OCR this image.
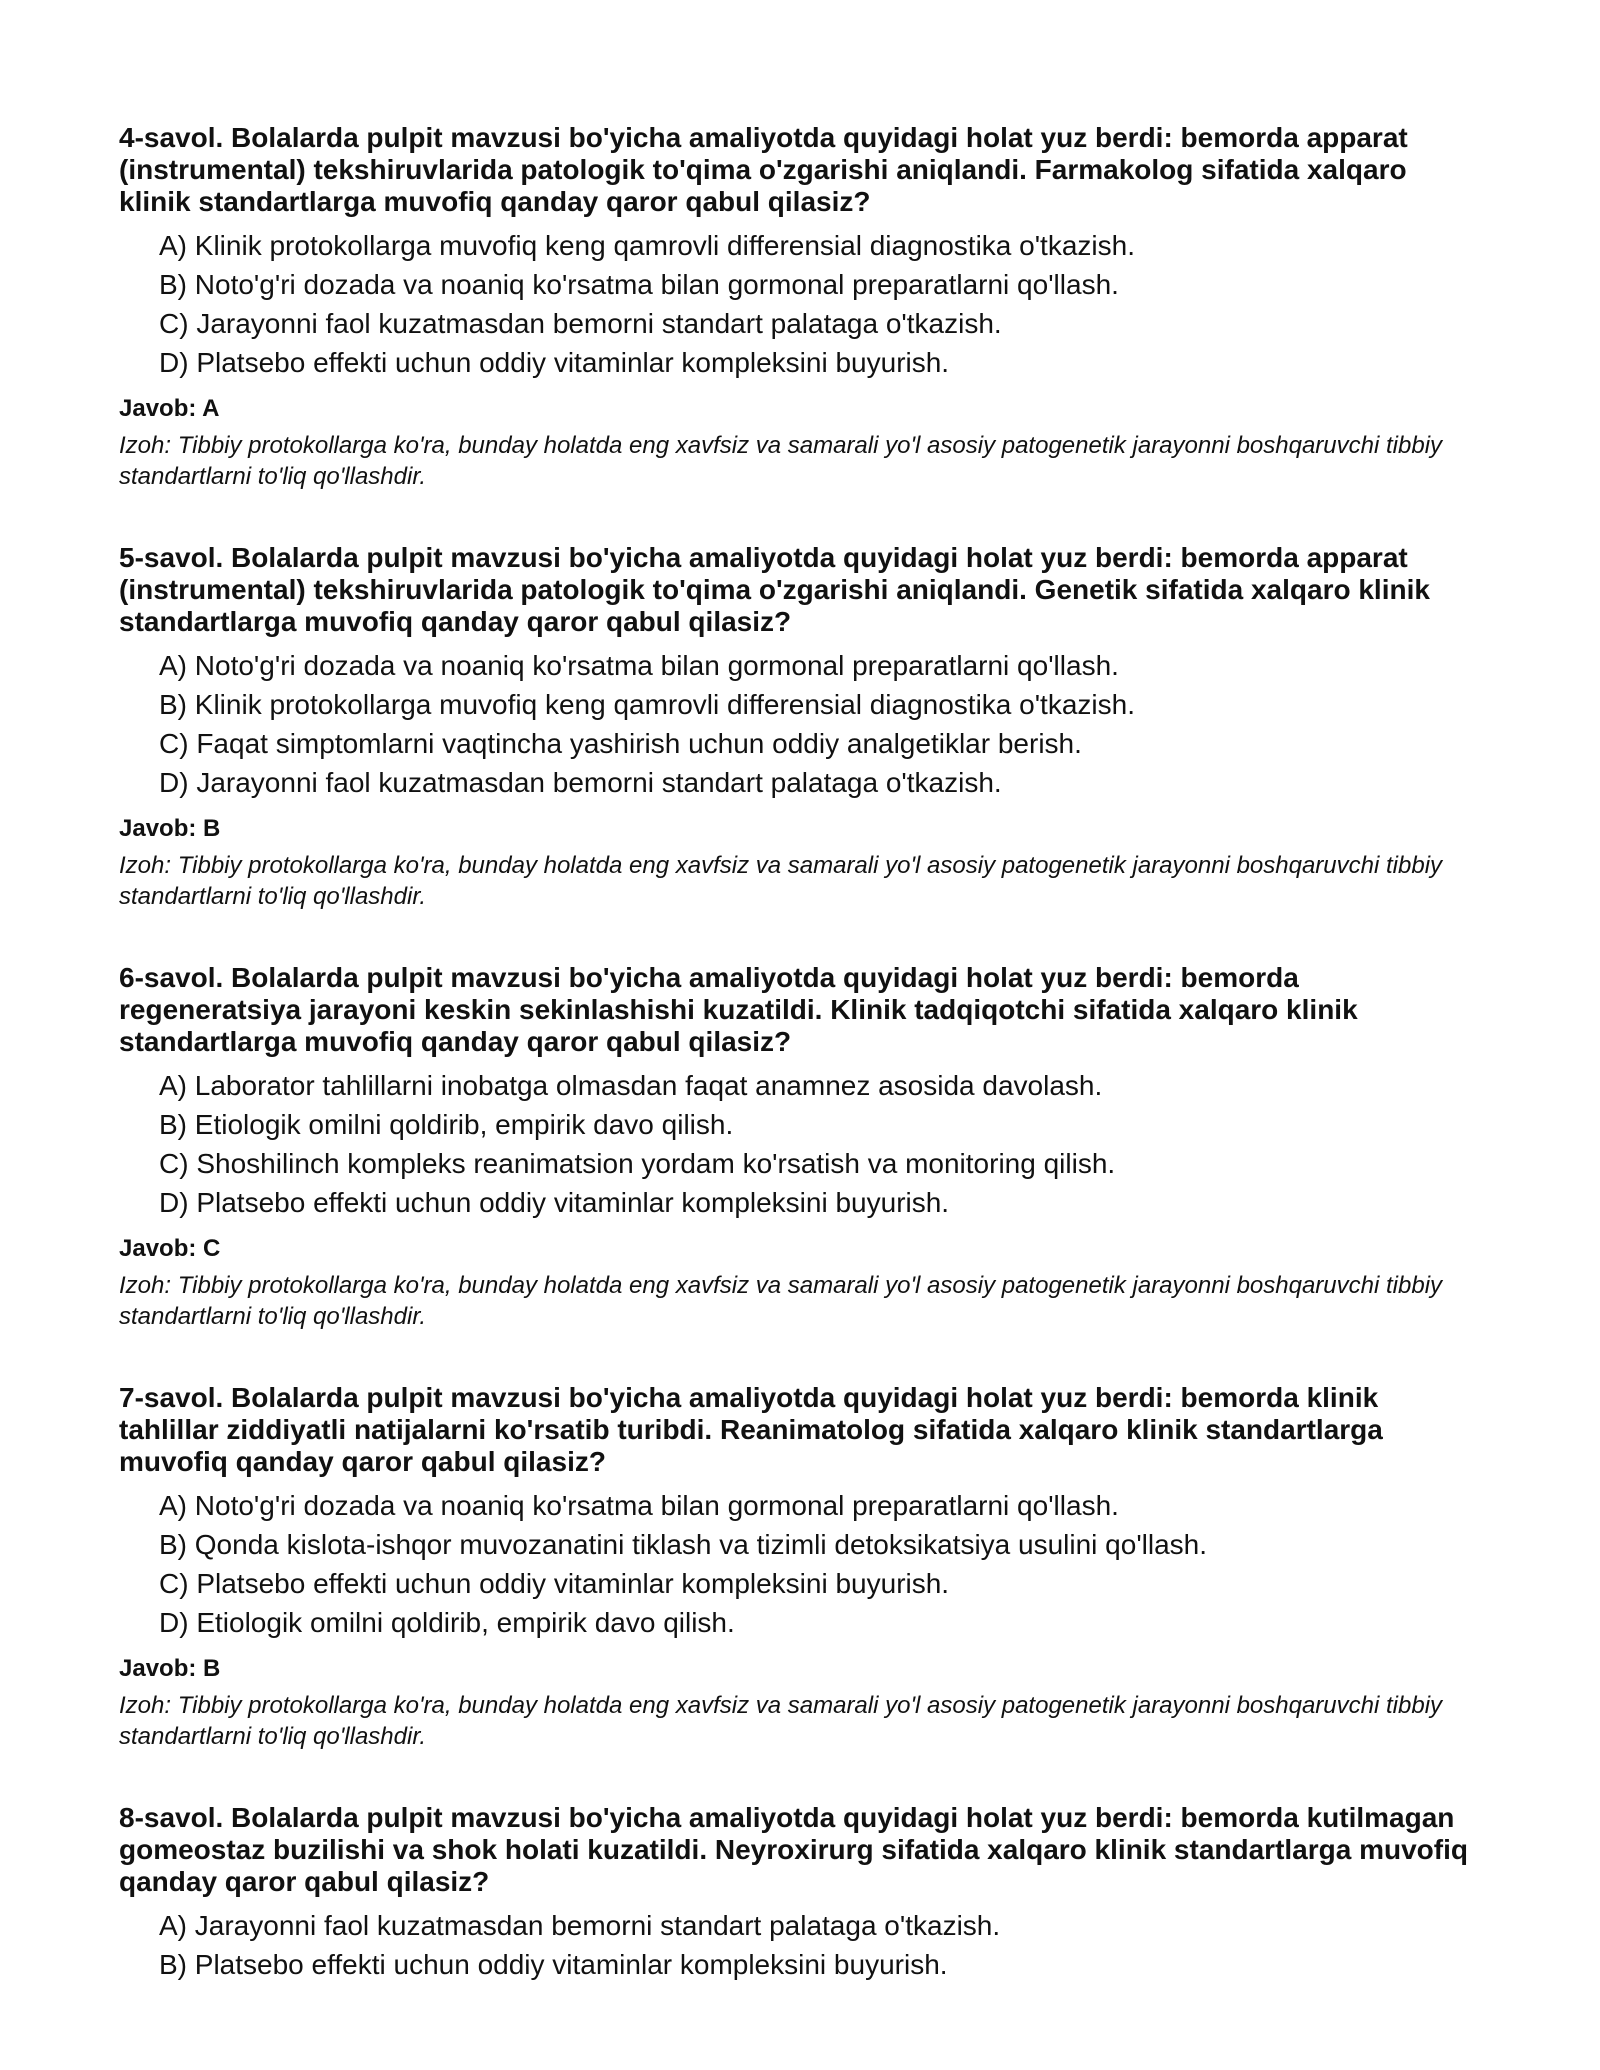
4-savol. Bolalarda pulpit mavzusi bo'yicha amaliyotda quyidagi holat yuz berdi: bemorda apparat (instrumental) tekshiruvlarida patologik to'qima o'zgarishi aniqlandi. Farmakolog sifatida xalqaro klinik standartlarga muvofiq qanday qaror qabul qilasiz?
A) Klinik protokollarga muvofiq keng qamrovli differensial diagnostika o'tkazish.
B) Noto'g'ri dozada va noaniq ko'rsatma bilan gormonal preparatlarni qo'llash.
C) Jarayonni faol kuzatmasdan bemorni standart palataga o'tkazish.
D) Platsebo effekti uchun oddiy vitaminlar kompleksini buyurish.
Javob: A
Izoh: Tibbiy protokollarga ko'ra, bunday holatda eng xavfsiz va samarali yo'l asosiy patogenetik jarayonni boshqaruvchi tibbiy standartlarni to'liq qo'llashdir.
5-savol. Bolalarda pulpit mavzusi bo'yicha amaliyotda quyidagi holat yuz berdi: bemorda apparat (instrumental) tekshiruvlarida patologik to'qima o'zgarishi aniqlandi. Genetik sifatida xalqaro klinik standartlarga muvofiq qanday qaror qabul qilasiz?
A) Noto'g'ri dozada va noaniq ko'rsatma bilan gormonal preparatlarni qo'llash.
B) Klinik protokollarga muvofiq keng qamrovli differensial diagnostika o'tkazish.
C) Faqat simptomlarni vaqtincha yashirish uchun oddiy analgetiklar berish.
D) Jarayonni faol kuzatmasdan bemorni standart palataga o'tkazish.
Javob: B
Izoh: Tibbiy protokollarga ko'ra, bunday holatda eng xavfsiz va samarali yo'l asosiy patogenetik jarayonni boshqaruvchi tibbiy standartlarni to'liq qo'llashdir.
6-savol. Bolalarda pulpit mavzusi bo'yicha amaliyotda quyidagi holat yuz berdi: bemorda regeneratsiya jarayoni keskin sekinlashishi kuzatildi. Klinik tadqiqotchi sifatida xalqaro klinik standartlarga muvofiq qanday qaror qabul qilasiz?
A) Laborator tahlillarni inobatga olmasdan faqat anamnez asosida davolash.
B) Etiologik omilni qoldirib, empirik davo qilish.
C) Shoshilinch kompleks reanimatsion yordam ko'rsatish va monitoring qilish.
D) Platsebo effekti uchun oddiy vitaminlar kompleksini buyurish.
Javob: C
Izoh: Tibbiy protokollarga ko'ra, bunday holatda eng xavfsiz va samarali yo'l asosiy patogenetik jarayonni boshqaruvchi tibbiy standartlarni to'liq qo'llashdir.
7-savol. Bolalarda pulpit mavzusi bo'yicha amaliyotda quyidagi holat yuz berdi: bemorda klinik tahlillar ziddiyatli natijalarni ko'rsatib turibdi. Reanimatolog sifatida xalqaro klinik standartlarga muvofiq qanday qaror qabul qilasiz?
A) Noto'g'ri dozada va noaniq ko'rsatma bilan gormonal preparatlarni qo'llash.
B) Qonda kislota-ishqor muvozanatini tiklash va tizimli detoksikatsiya usulini qo'llash.
C) Platsebo effekti uchun oddiy vitaminlar kompleksini buyurish.
D) Etiologik omilni qoldirib, empirik davo qilish.
Javob: B
Izoh: Tibbiy protokollarga ko'ra, bunday holatda eng xavfsiz va samarali yo'l asosiy patogenetik jarayonni boshqaruvchi tibbiy standartlarni to'liq qo'llashdir.
8-savol. Bolalarda pulpit mavzusi bo'yicha amaliyotda quyidagi holat yuz berdi: bemorda kutilmagan gomeostaz buzilishi va shok holati kuzatildi. Neyroxirurg sifatida xalqaro klinik standartlarga muvofiq qanday qaror qabul qilasiz?
A) Jarayonni faol kuzatmasdan bemorni standart palataga o'tkazish.
B) Platsebo effekti uchun oddiy vitaminlar kompleksini buyurish.
